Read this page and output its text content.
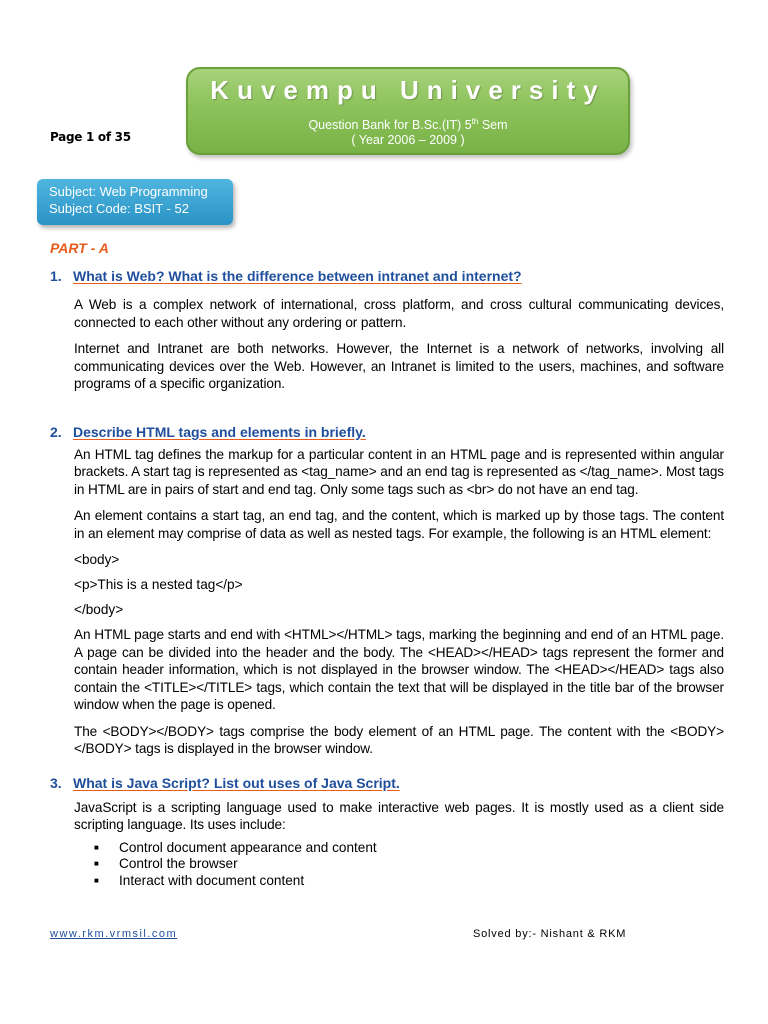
Page 1 of 35
Kuvempu University
Question Bank for B.Sc.(IT) 5th Sem
( Year 2006 – 2009 )
Subject: Web Programming
Subject Code: BSIT - 52
PART - A
1. What is Web? What is the difference between intranet and internet?

A Web is a complex network of international, cross platform, and cross cultural communicating devices, connected to each other without any ordering or pattern.

Internet and Intranet are both networks. However, the Internet is a network of networks, involving all communicating devices over the Web. However, an Intranet is limited to the users, machines, and software programs of a specific organization.

2. Describe HTML tags and elements in briefly.

An HTML tag defines the markup for a particular content in an HTML page and is represented within angular brackets. A start tag is represented as <tag_name> and an end tag is represented as </tag_name>. Most tags in HTML are in pairs of start and end tag. Only some tags such as <br> do not have an end tag.

An element contains a start tag, an end tag, and the content, which is marked up by those tags. The content in an element may comprise of data as well as nested tags. For example, the following is an HTML element:

<body>
<p>This is a nested tag</p>
</body>

An HTML page starts and end with <HTML></HTML> tags, marking the beginning and end of an HTML page. A page can be divided into the header and the body. The <HEAD></HEAD> tags represent the former and contain header information, which is not displayed in the browser window. The <HEAD></HEAD> tags also contain the <TITLE></TITLE> tags, which contain the text that will be displayed in the title bar of the browser window when the page is opened.

The <BODY></BODY> tags comprise the body element of an HTML page. The content with the <BODY></BODY> tags is displayed in the browser window.

3. What is Java Script? List out uses of Java Script.

JavaScript is a scripting language used to make interactive web pages. It is mostly used as a client side scripting language. Its uses include:

■	Control document appearance and content
■	Control the browser
■	Interact with document content
www.rkm.vrmsil.com	Solved by:- Nishant & RKM
